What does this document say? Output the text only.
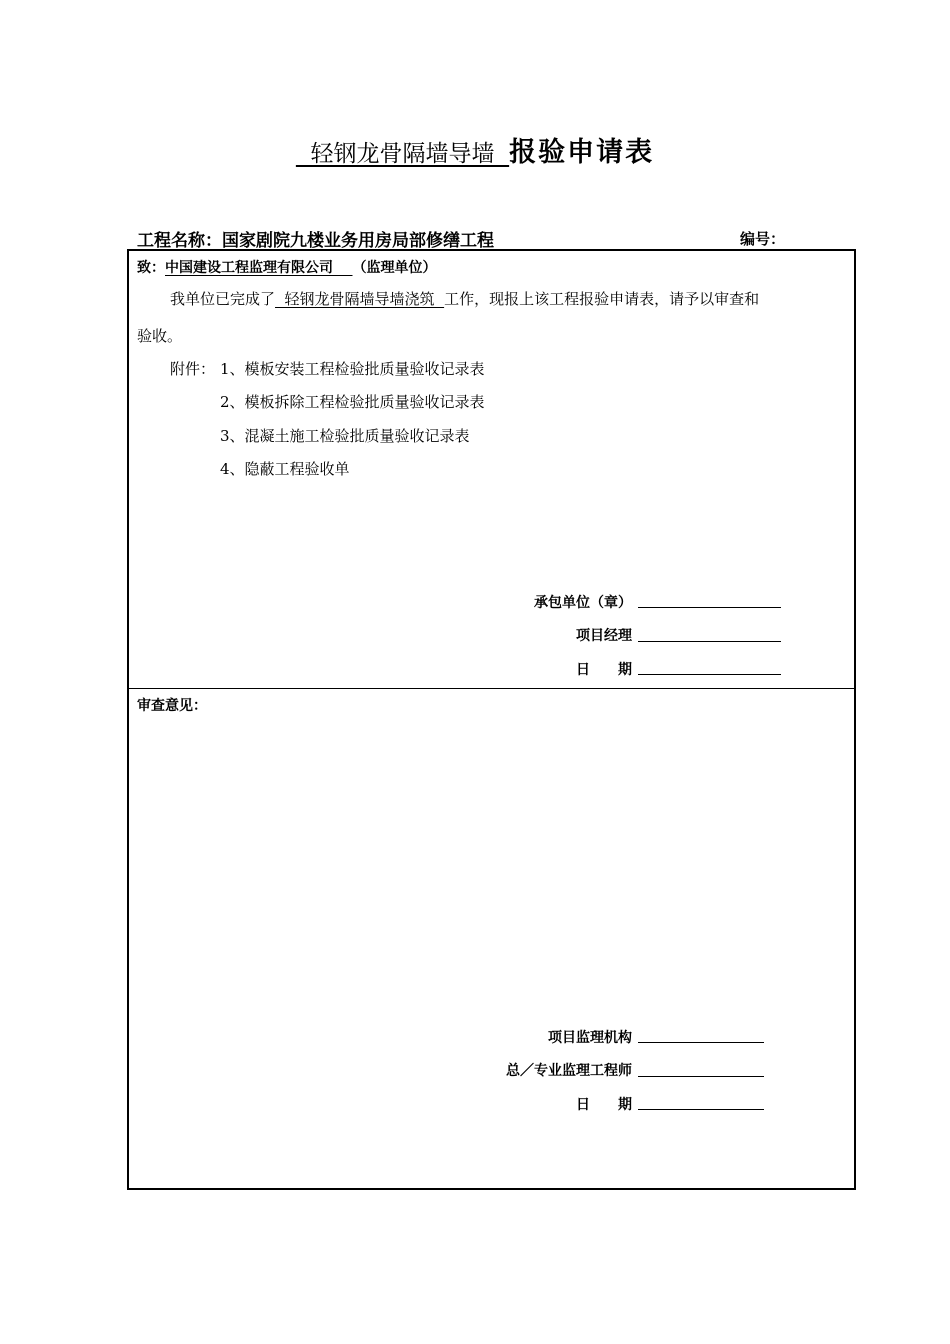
轻钢龙骨隔墙导墙  报验申请表
工程名称：国家剧院九楼业务用房局部修缮工程	编号：
致：中国建设工程监理有限公司    （监理单位）
我单位已完成了  轻钢龙骨隔墙导墙浇筑  工作，现报上该工程报验申请表，请予以审查和
验收。
附件： 1、模板安装工程检验批质量验收记录表
2、模板拆除工程检验批质量验收记录表
3、混凝土施工检验批质量验收记录表
4、隐蔽工程验收单
承包单位（章）
项目经理
日　　期
审查意见：
项目监理机构
总／专业监理工程师
日　　期
